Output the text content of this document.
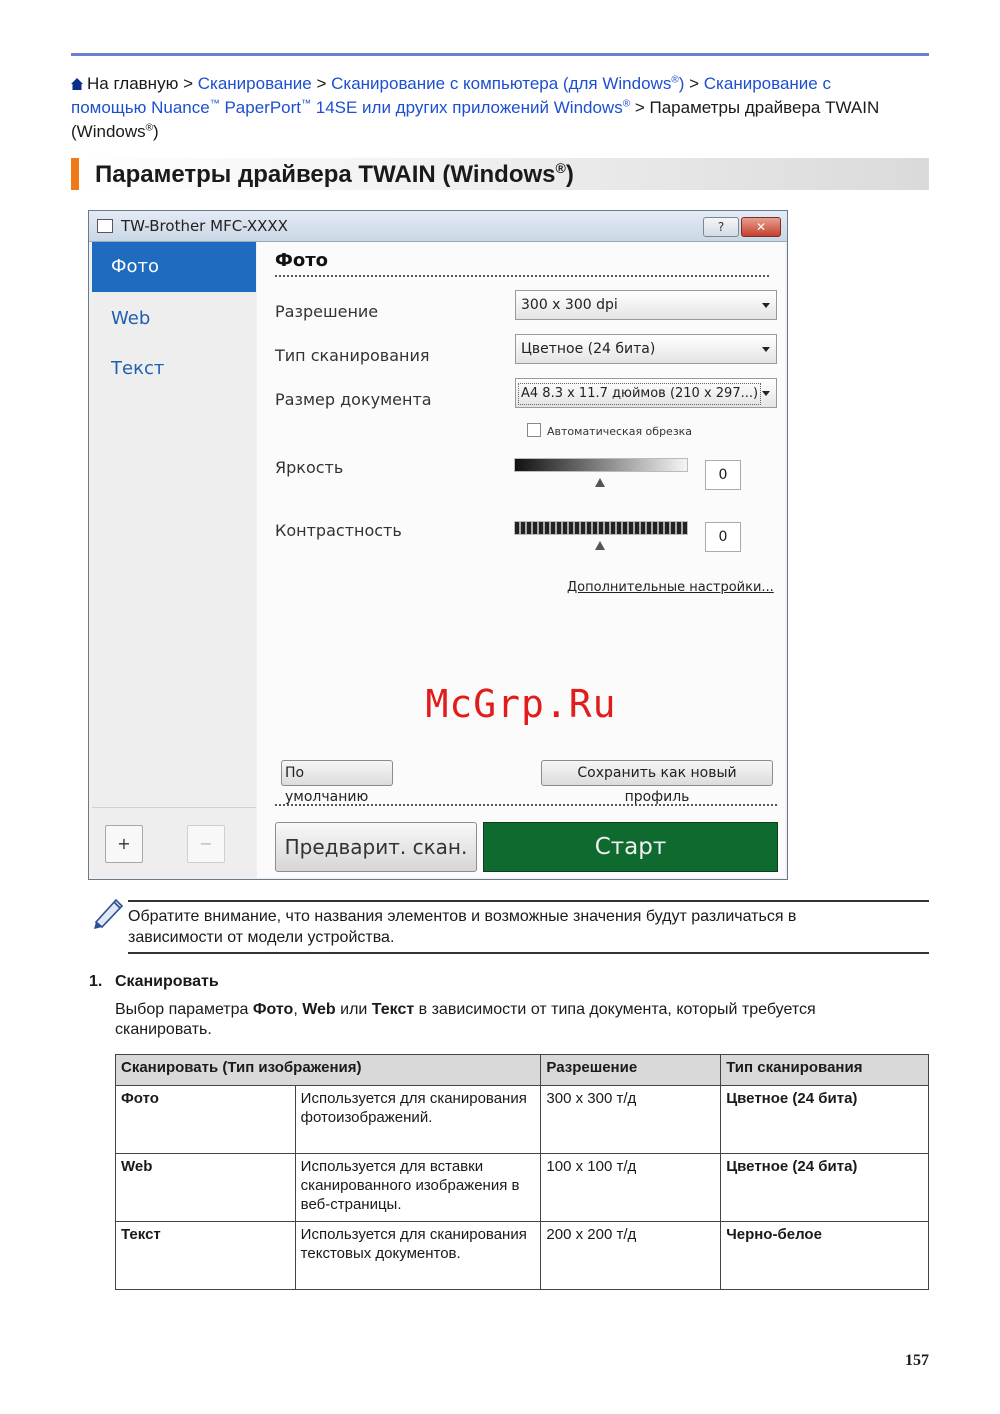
На главную > Сканирование > Сканирование с компьютера (для Windows®) > Сканирование с
помощью Nuance™ PaperPort™ 14SE или других приложений Windows® > Параметры драйвера TWAIN
(Windows®)
Параметры драйвера TWAIN (Windows®)
TW-Brother MFC-XXXX	?	✕
Фото
Web
Текст
+	−
Фото
Разрешение	300 x 300 dpi
Тип сканирования	Цветное (24 бита)
Размер документа	A4 8.3 x 11.7 дюймов (210 x 297...)
Автоматическая обрезка
Яркость	0
Контрастность	0
Дополнительные настройки...
McGrp.Ru
По умолчанию
Сохранить как новый профиль
Предварит. скан.	Старт
Обратите внимание, что названия элементов и возможные значения будут различаться в зависимости от модели устройства.
1. Сканировать
Выбор параметра Фото, Web или Текст в зависимости от типа документа, который требуется сканировать.
Сканировать (Тип изображения)		Разрешение	Тип сканирования
Фото	Используется для сканирования фотоизображений.	300 x 300 т/д	Цветное (24 бита)
Web	Используется для вставки сканированного изображения в веб-страницы.	100 x 100 т/д	Цветное (24 бита)
Текст	Используется для сканирования текстовых документов.	200 x 200 т/д	Черно-белое
157
